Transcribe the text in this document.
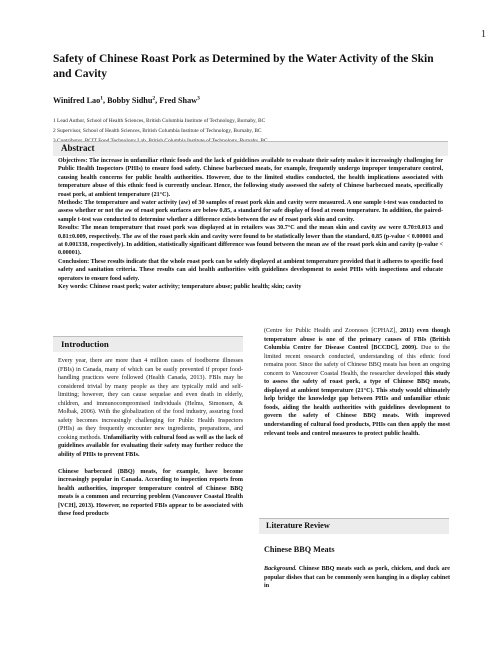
1
Safety of Chinese Roast Pork as Determined by the Water Activity of the Skin and Cavity
Winifred Lao$^1$, Bobby Sidhu$^2$, Fred Shaw$^3$
1 Lead Author, School of Health Sciences, British Columbia Institute of Technology, Burnaby, BC
2 Supervisor, School of Health Sciences, British Columbia Institute of Technology, Burnaby, BC
Abstract

Objectives: The increase in unfamiliar ethnic foods and the lack of guidelines available to evaluate their safety makes it increasingly challenging for Public Health Inspectors (PHIs) to ensure food safety. Chinese barbecued meats, for example, frequently undergo improper temperature control, causing health concerns for public health authorities. However, due to the limited studies conducted, the health implications associated with temperature abuse of this ethnic food is currently unclear. Hence, the following study assessed the safety of Chinese barbecued meats, specifically roast pork, at ambient temperature (21°C).

Methods: The temperature and water activity (aw) of 30 samples of roast pork skin and cavity were measured. A one sample t-test was conducted to assess whether or not the aw of roast pork surfaces are below 0.85, a standard for safe display of food at room temperature. In addition, the paired-sample t-test was conducted to determine whether a difference exists between the aw of roast pork skin and cavity.

Results: The mean temperature that roast pork was displayed at in retailers was 30.7°C and the mean skin and cavity aw were 0.70±0.013 and 0.81±0.009, respectively. The aw of the roast pork skin and cavity were found to be statistically lower than the standard, 0.85 (p-value < 0.00001 and at 0.001338, respectively). In addition, statistically significant difference was found between the mean aw of the roast pork skin and cavity (p-value < 0.00001).

Conclusion: These results indicate that the whole roast pork can be safely displayed at ambient temperature provided that it adheres to specific food safety and sanitation criteria. These results can aid health authorities with guidelines development to assist PHIs with inspections and educate operators to ensure food safety.

Key words: Chinese roast pork; water activity; temperature abuse; public health; skin; cavity

Introduction
Every year, there are more than 4 million cases of foodborne illnesses (FBIs) in Canada, many of which can be easily prevented if proper food-handling practices were followed (Health Canada, 2013). FBIs may be considered trivial by many people as they are typically mild and self-limiting; however, they can cause sequelae and even death in elderly, children, and immunocompromised individuals (Helms, Simonsen, & Molbak, 2006). With the globalization of the food industry, assuring food safety becomes increasingly challenging for Public Health Inspectors (PHIs) as they frequently encounter new ingredients, preparations, and cooking methods. Unfamiliarity with cultural food as well as the lack of guidelines available for evaluating their safety may further reduce the ability of PHIs to prevent FBIs.
Chinese barbecued (BBQ) meats, for example, have become increasingly popular in Canada. According to inspection reports from health authorities, improper temperature control of Chinese BBQ meats is a common and recurring problem (Vancouver Coastal Health [VCH], 2013). However, no reported FBIs appear to be associated with these food products
(Centre for Public Health and Zoonoses [CPHAZ], 2011) even though temperature abuse is one of the primary causes of FBIs (British Columbia Centre for Disease Control [BCCDC], 2009). Due to the limited recent research conducted, understanding of this ethnic food remains poor. Since the safety of Chinese BBQ meats has been an ongoing concern to Vancouver Coastal Health, the researcher developed this study to assess the safety of roast pork, a type of Chinese BBQ meats, displayed at ambient temperature (21°C). This study would ultimately help bridge the knowledge gap between PHIs and unfamiliar ethnic foods, aiding the health authorities with guidelines development to govern the safety of Chinese BBQ meats. With improved understanding of cultural food products, PHIs can then apply the most relevant tools and control measures to protect public health.
Literature Review
Chinese BBQ Meats
Background. Chinese BBQ meats such as pork, chicken, and duck are popular dishes that can be commonly seen hanging in a display cabinet in
